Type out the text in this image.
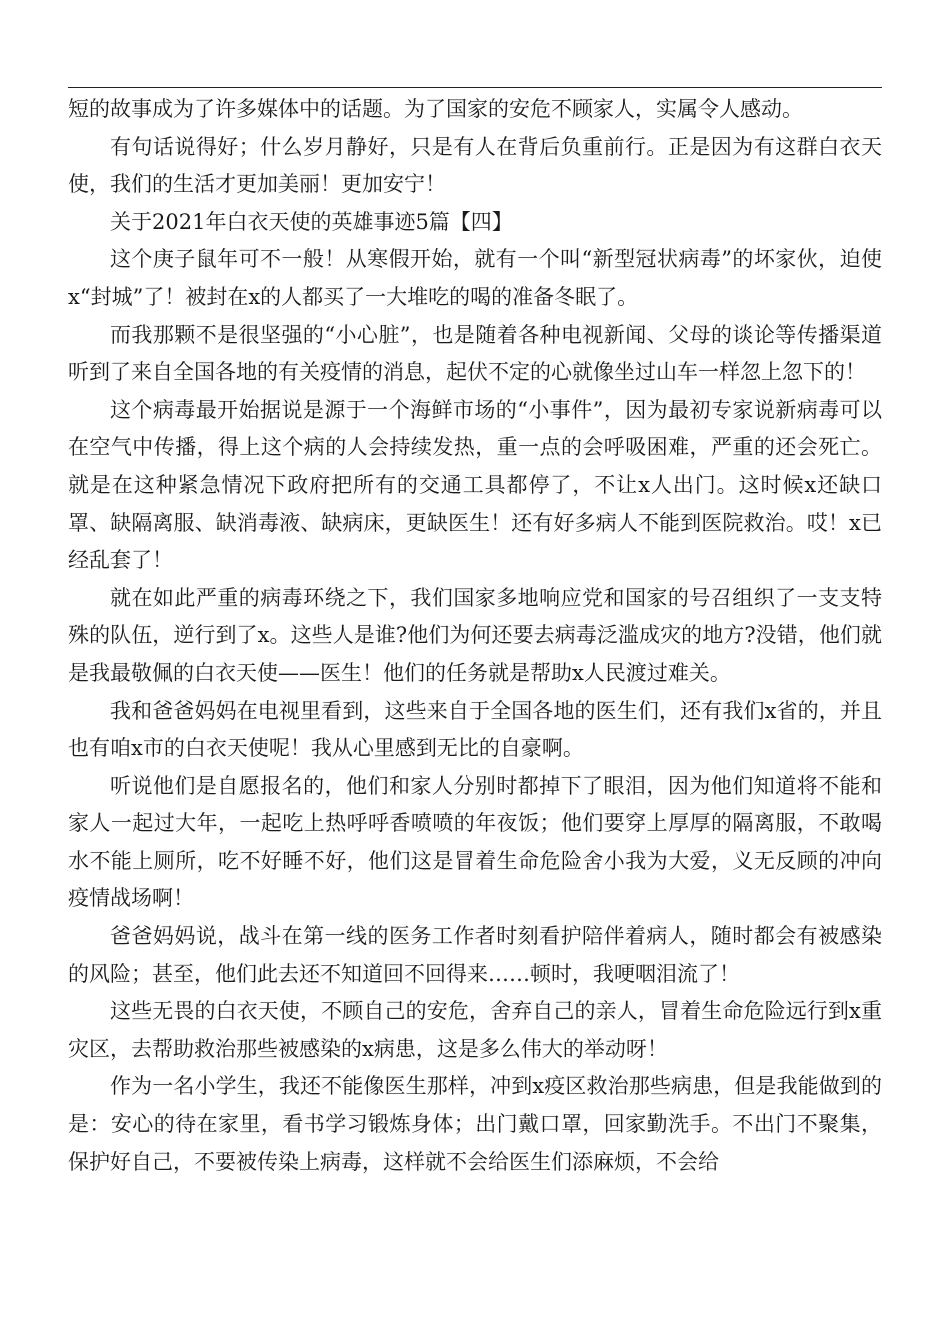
短的故事成为了许多媒体中的话题。为了国家的安危不顾家人，实属令人感动。

有句话说得好；什么岁月静好，只是有人在背后负重前行。正是因为有这群白衣天使，我们的生活才更加美丽！更加安宁！

关于2021年白衣天使的英雄事迹5篇【四】

这个庚子鼠年可不一般！从寒假开始，就有一个叫“新型冠状病毒”的坏家伙，迫使x“封城”了！被封在x的人都买了一大堆吃的喝的准备冬眠了。

而我那颗不是很坚强的“小心脏”，也是随着各种电视新闻、父母的谈论等传播渠道听到了来自全国各地的有关疫情的消息，起伏不定的心就像坐过山车一样忽上忽下的！

这个病毒最开始据说是源于一个海鲜市场的“小事件”，因为最初专家说新病毒可以在空气中传播，得上这个病的人会持续发热，重一点的会呼吸困难，严重的还会死亡。就是在这种紧急情况下政府把所有的交通工具都停了，不让x人出门。这时候x还缺口罩、缺隔离服、缺消毒液、缺病床，更缺医生！还有好多病人不能到医院救治。哎！x已经乱套了！

就在如此严重的病毒环绕之下，我们国家多地响应党和国家的号召组织了一支支特殊的队伍，逆行到了x。这些人是谁?他们为何还要去病毒泛滥成灾的地方?没错，他们就是我最敬佩的白衣天使——医生！他们的任务就是帮助x人民渡过难关。

我和爸爸妈妈在电视里看到，这些来自于全国各地的医生们，还有我们x省的，并且也有咱x市的白衣天使呢！我从心里感到无比的自豪啊。

听说他们是自愿报名的，他们和家人分别时都掉下了眼泪，因为他们知道将不能和家人一起过大年，一起吃上热呼呼香喷喷的年夜饭；他们要穿上厚厚的隔离服，不敢喝水不能上厕所，吃不好睡不好，他们这是冒着生命危险舍小我为大爱，义无反顾的冲向疫情战场啊！

爸爸妈妈说，战斗在第一线的医务工作者时刻看护陪伴着病人，随时都会有被感染的风险；甚至，他们此去还不知道回不回得来……顿时，我哽咽泪流了！

这些无畏的白衣天使，不顾自己的安危，舍弃自己的亲人，冒着生命危险远行到x重灾区，去帮助救治那些被感染的x病患，这是多么伟大的举动呀！

作为一名小学生，我还不能像医生那样，冲到x疫区救治那些病患，但是我能做到的是：安心的待在家里，看书学习锻炼身体；出门戴口罩，回家勤洗手。不出门不聚集，保护好自己，不要被传染上病毒，这样就不会给医生们添麻烦，不会给
